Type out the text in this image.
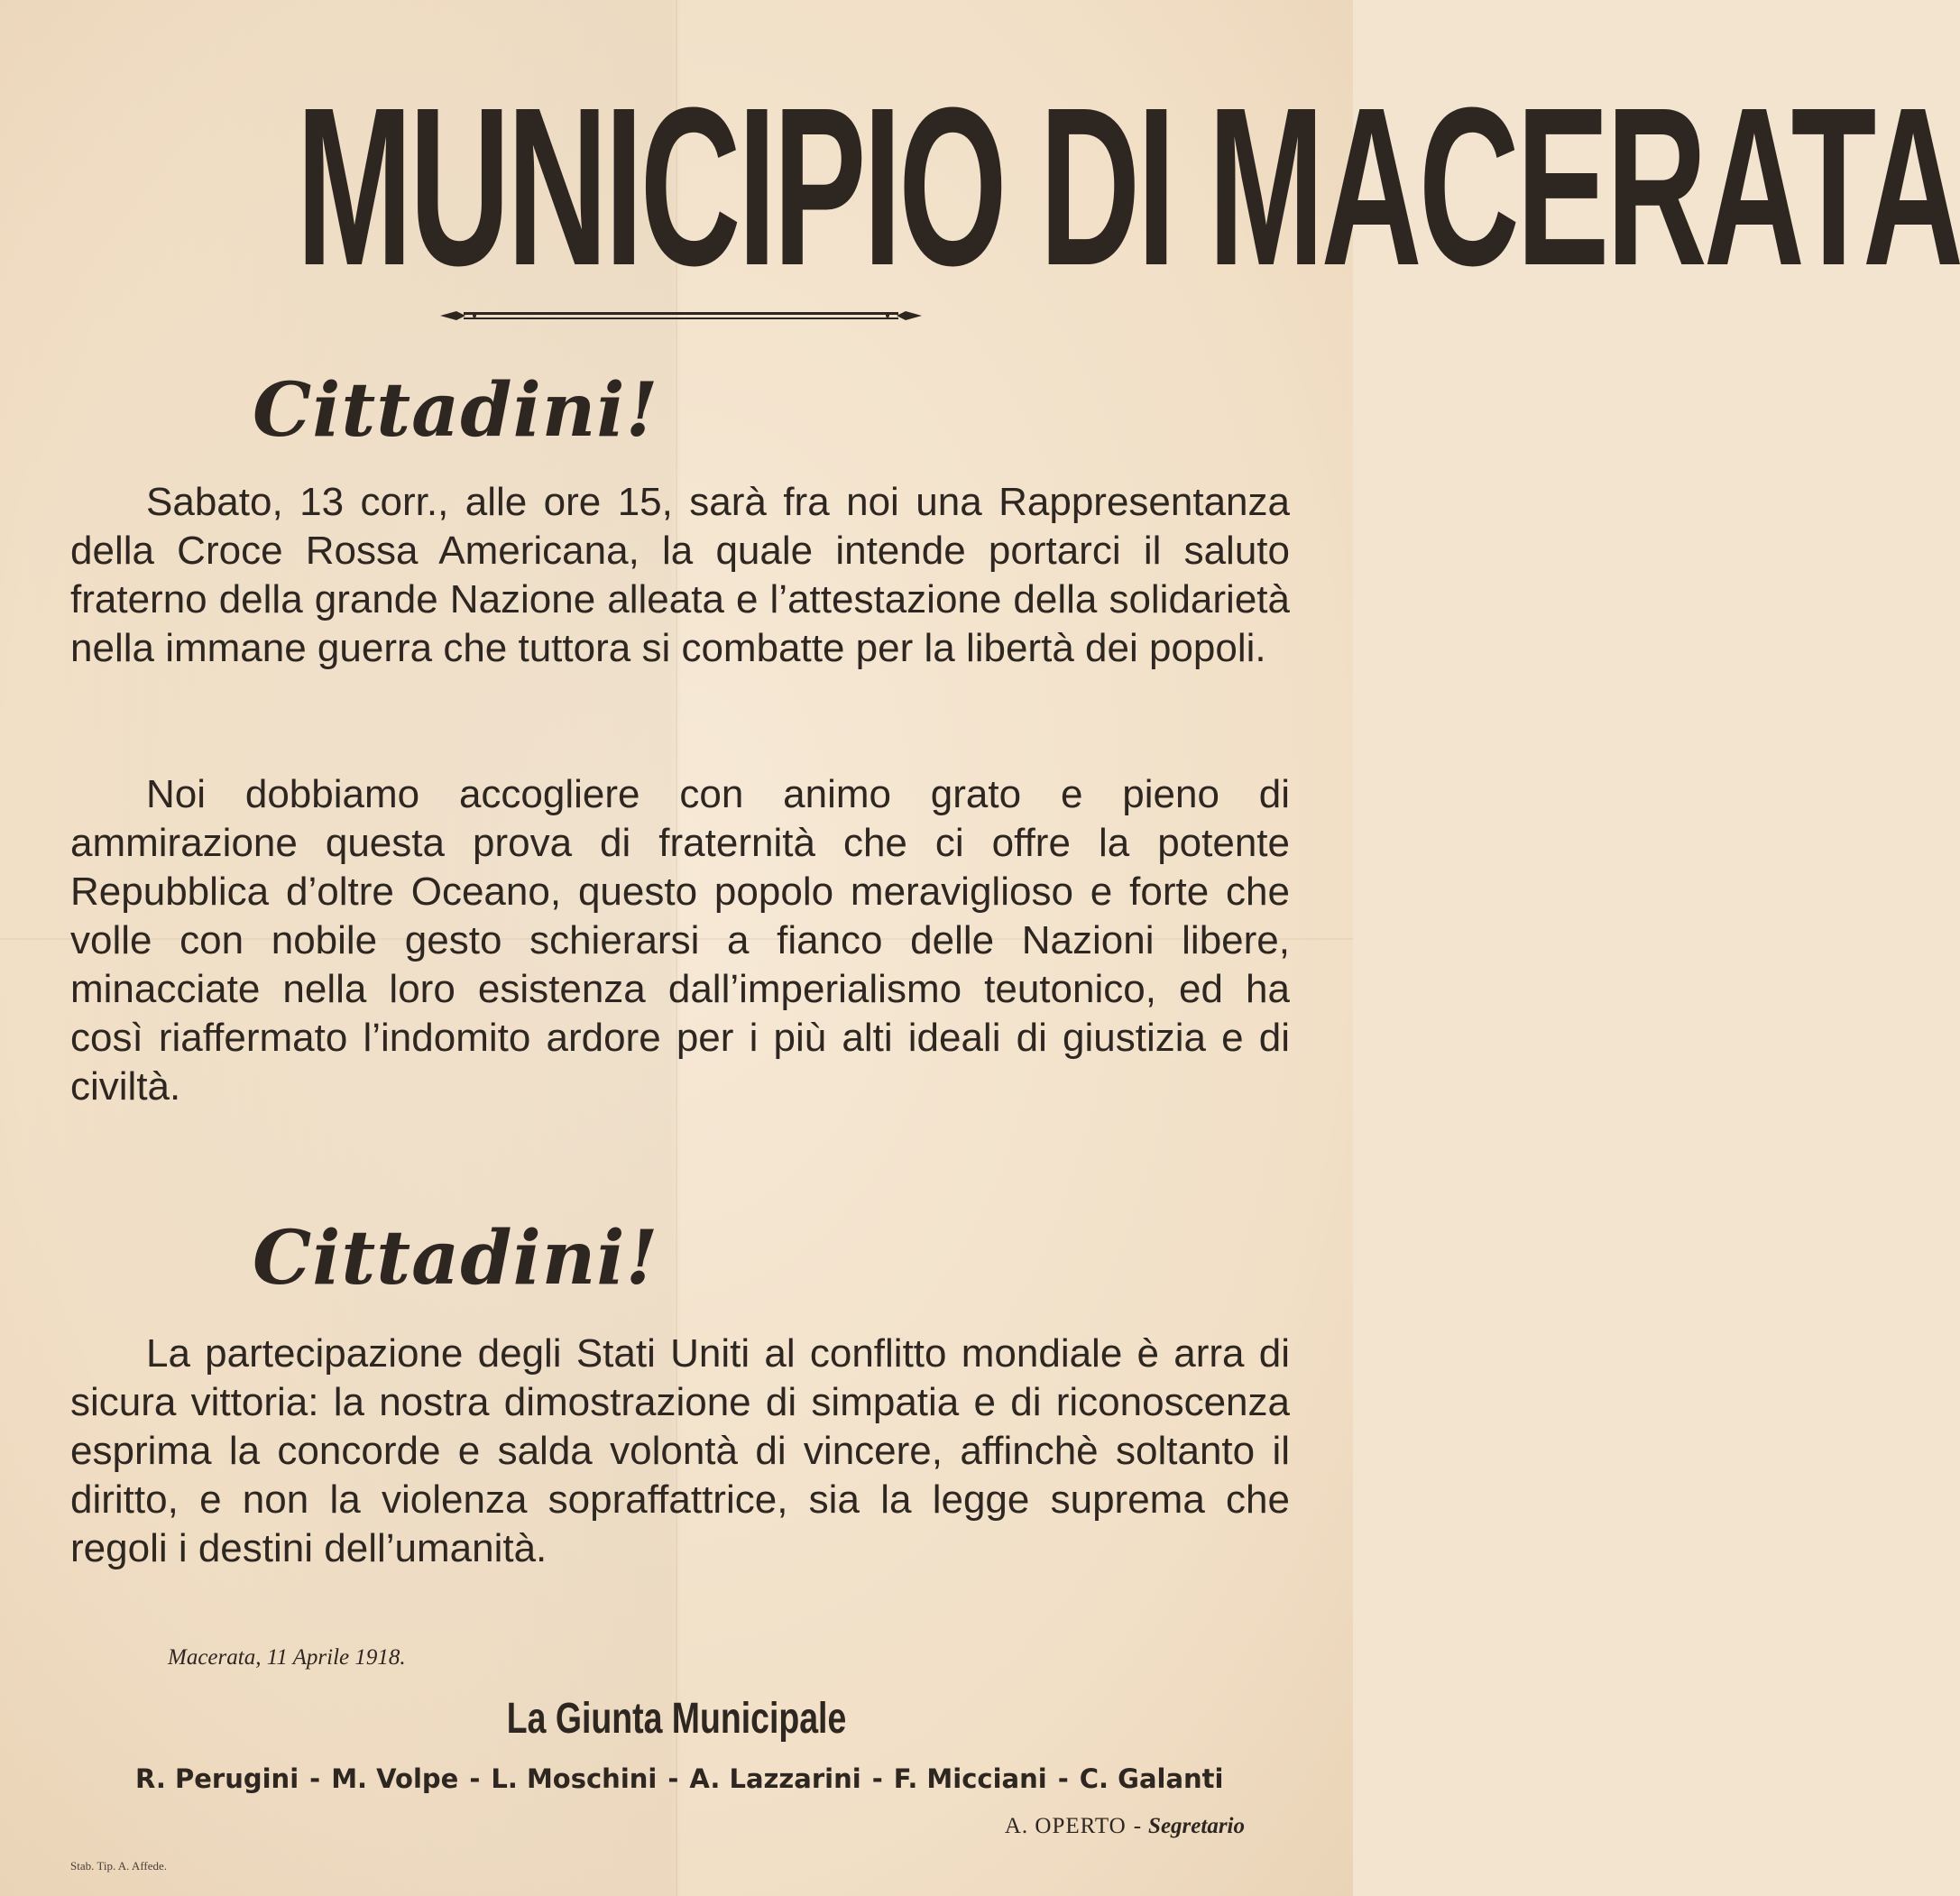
MUNICIPIO DI MACERATA
Cittadini!

Sabato, 13 corr., alle ore 15, sarà fra noi una Rappresentanza della Croce Rossa Americana, la quale intende portarci il saluto fraterno della grande Nazione alleata e l’attestazione della solidarietà nella immane guerra che tuttora si combatte per la libertà dei popoli.

Noi dobbiamo accogliere con animo grato e pieno di ammirazione questa prova di fraternità che ci offre la potente Repubblica d’oltre Oceano, questo popolo meraviglioso e forte che volle con nobile gesto schierarsi a fianco delle Nazioni libere, minacciate nella loro esistenza dall’imperialismo teutonico, ed ha così riaffermato l’indomito ardore per i più alti ideali di giustizia e di civiltà.

Cittadini!

La partecipazione degli Stati Uniti al conflitto mondiale è arra di sicura vittoria: la nostra dimostrazione di simpatia e di riconoscenza esprima la concorde e salda volontà di vincere, affinchè soltanto il diritto, e non la violenza sopraffattrice, sia la legge suprema che regoli i destini dell’umanità.

Macerata, 11 Aprile 1918.
La Giunta Municipale
R. Perugini - M. Volpe - L. Moschini - A. Lazzarini - F. Micciani - C. Galanti
A. OPERTO - Segretario
Stab. Tip. A. Affede.
